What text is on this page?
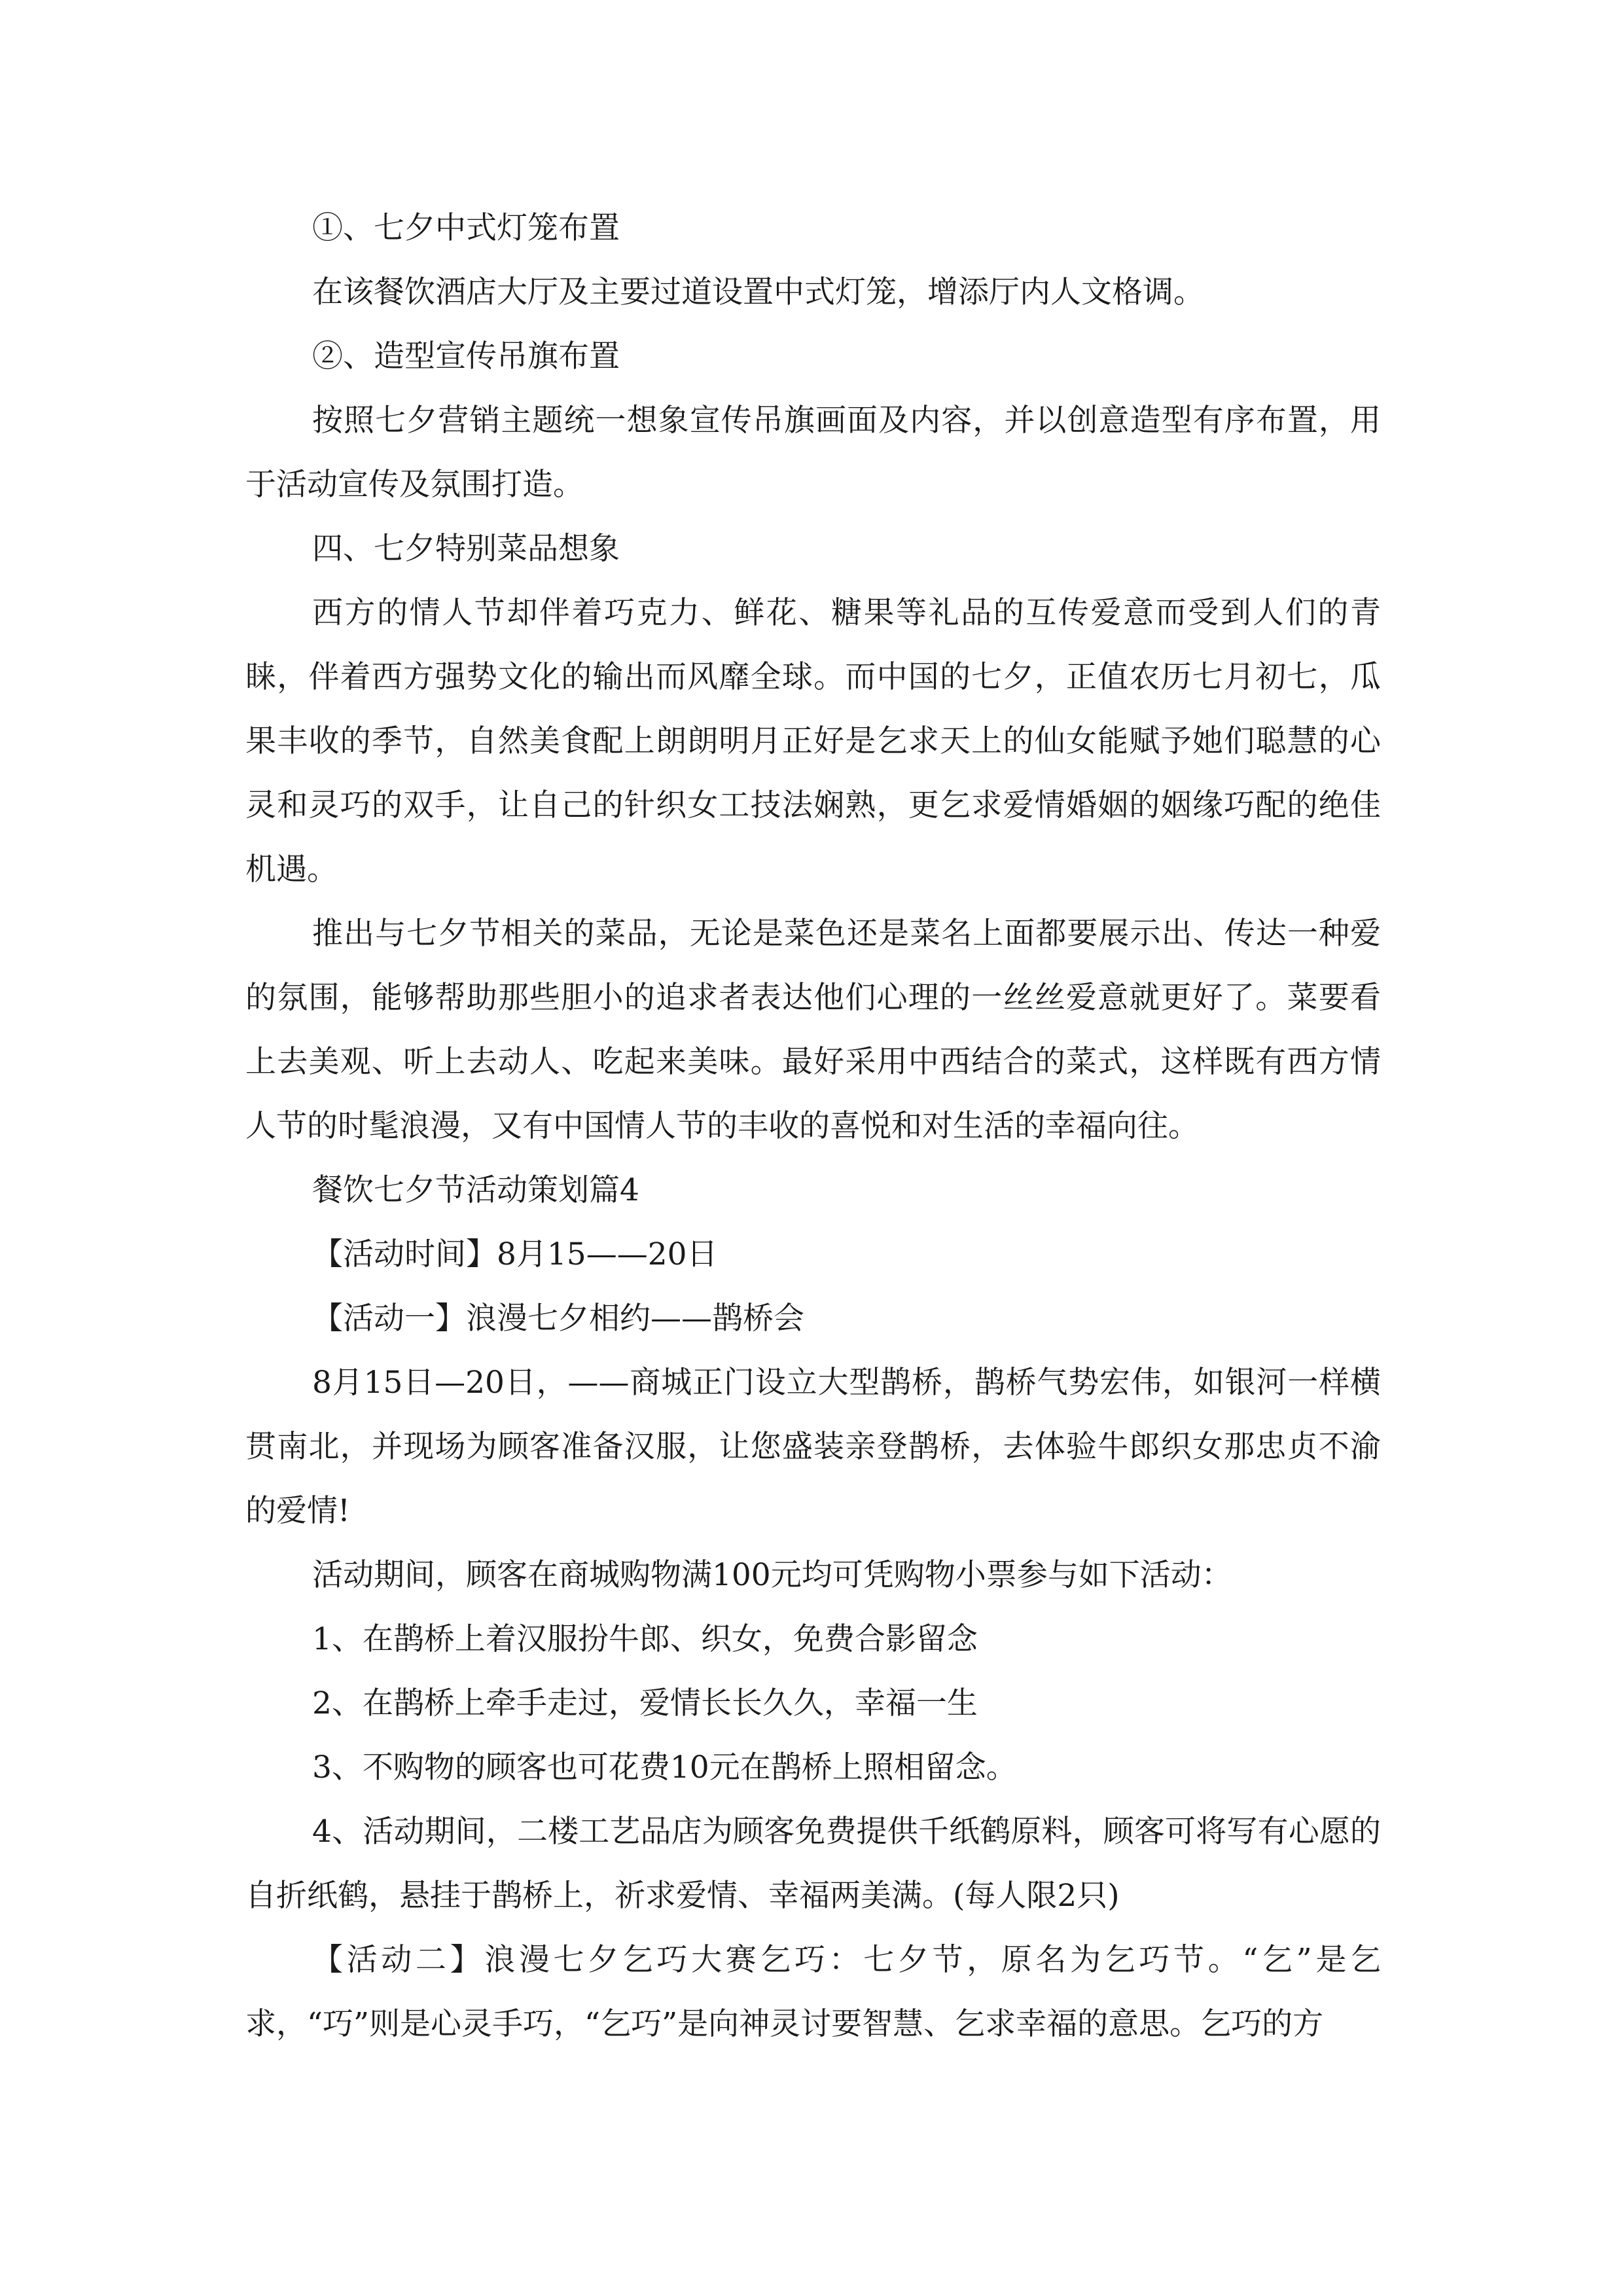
①、七夕中式灯笼布置

在该餐饮酒店大厅及主要过道设置中式灯笼，增添厅内人文格调。

②、造型宣传吊旗布置

按照七夕营销主题统一想象宣传吊旗画面及内容，并以创意造型有序布置，用于活动宣传及氛围打造。

四、七夕特别菜品想象

西方的情人节却伴着巧克力、鲜花、糖果等礼品的互传爱意而受到人们的青睐，伴着西方强势文化的输出而风靡全球。而中国的七夕，正值农历七月初七，瓜果丰收的季节，自然美食配上朗朗明月正好是乞求天上的仙女能赋予她们聪慧的心灵和灵巧的双手，让自己的针织女工技法娴熟，更乞求爱情婚姻的姻缘巧配的绝佳机遇。

推出与七夕节相关的菜品，无论是菜色还是菜名上面都要展示出、传达一种爱的氛围，能够帮助那些胆小的追求者表达他们心理的一丝丝爱意就更好了。菜要看上去美观、听上去动人、吃起来美味。最好采用中西结合的菜式，这样既有西方情人节的时髦浪漫，又有中国情人节的丰收的喜悦和对生活的幸福向往。

餐饮七夕节活动策划篇4

【活动时间】8月15——20日

【活动一】浪漫七夕相约——鹊桥会

8月15日—20日，——商城正门设立大型鹊桥，鹊桥气势宏伟，如银河一样横贯南北，并现场为顾客准备汉服，让您盛装亲登鹊桥，去体验牛郎织女那忠贞不渝的爱情!

活动期间，顾客在商城购物满100元均可凭购物小票参与如下活动：

1、在鹊桥上着汉服扮牛郎、织女，免费合影留念

2、在鹊桥上牵手走过，爱情长长久久，幸福一生

3、不购物的顾客也可花费10元在鹊桥上照相留念。

4、活动期间，二楼工艺品店为顾客免费提供千纸鹤原料，顾客可将写有心愿的自折纸鹤，悬挂于鹊桥上，祈求爱情、幸福两美满。(每人限2只)

【活动二】浪漫七夕乞巧大赛乞巧：七夕节，原名为乞巧节。“乞”是乞求，“巧”则是心灵手巧，“乞巧”是向神灵讨要智慧、乞求幸福的意思。乞巧的方
